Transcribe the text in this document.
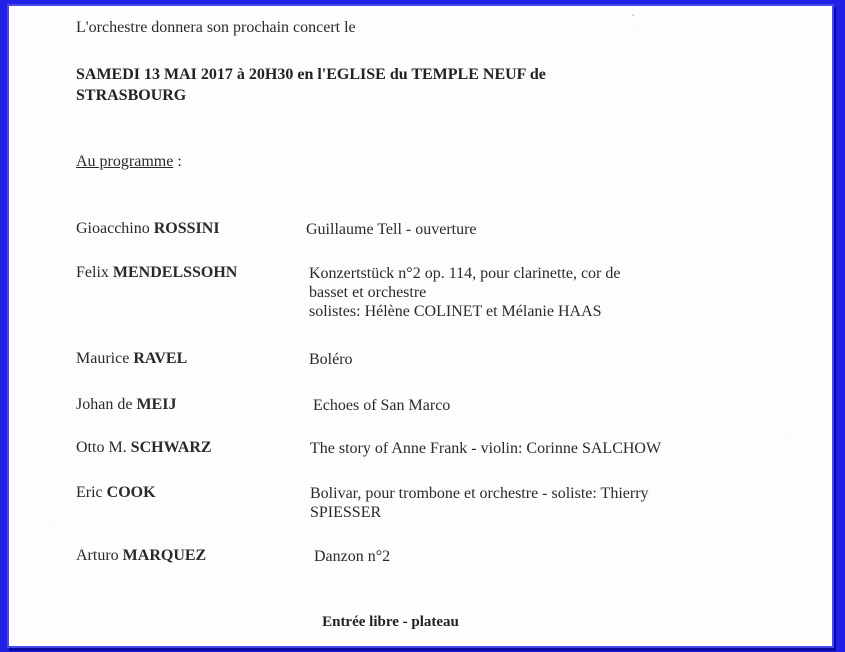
L'orchestre donnera son prochain concert le
SAMEDI 13 MAI 2017 à 20H30 en l'EGLISE du TEMPLE NEUF de
STRASBOURG
Au programme :
Gioacchino ROSSINI	Guillaume Tell - ouverture
Felix MENDELSSOHN	Konzertstück n°2 op. 114, pour clarinette, cor de
basset et orchestre
solistes: Hélène COLINET et Mélanie HAAS
Maurice RAVEL	Boléro
Johan de MEIJ	Echoes of San Marco
Otto M. SCHWARZ	The story of Anne Frank - violin: Corinne SALCHOW
Eric COOK	Bolivar, pour trombone et orchestre - soliste: Thierry
SPIESSER
Arturo MARQUEZ	Danzon n°2
Entrée libre - plateau
